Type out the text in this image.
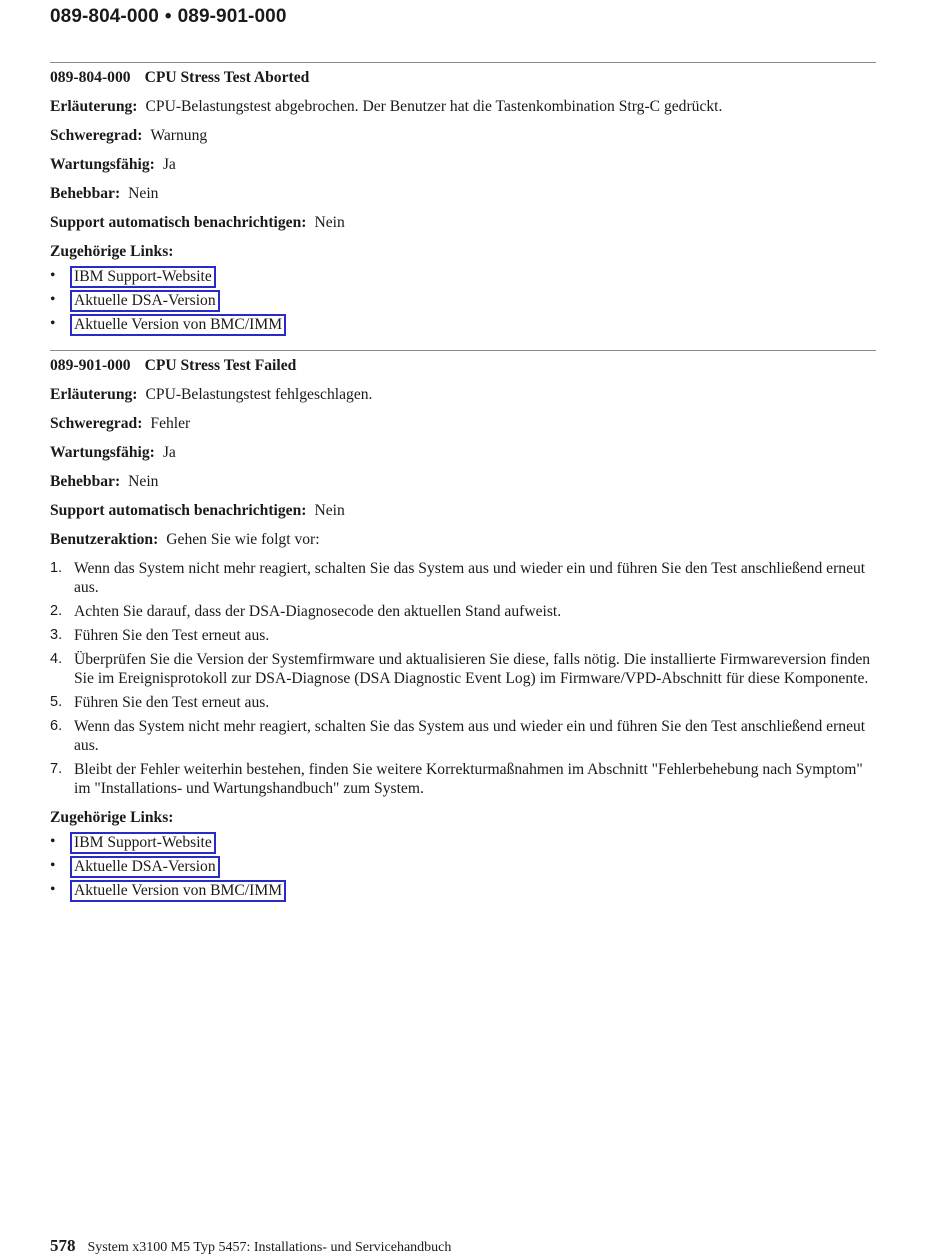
089-804-000 • 089-901-000

089-804-000 CPU Stress Test Aborted

Erläuterung: CPU-Belastungstest abgebrochen. Der Benutzer hat die Tastenkombination Strg-C gedrückt.

Schweregrad: Warnung

Wartungsfähig: Ja

Behebbar: Nein

Support automatisch benachrichtigen: Nein

Zugehörige Links:

• IBM Support-Website
• Aktuelle DSA-Version
• Aktuelle Version von BMC/IMM

089-901-000 CPU Stress Test Failed

Erläuterung: CPU-Belastungstest fehlgeschlagen.

Schweregrad: Fehler

Wartungsfähig: Ja

Behebbar: Nein

Support automatisch benachrichtigen: Nein

Benutzeraktion: Gehen Sie wie folgt vor:

1. Wenn das System nicht mehr reagiert, schalten Sie das System aus und wieder ein und führen Sie den Test anschließend erneut aus.
2. Achten Sie darauf, dass der DSA-Diagnosecode den aktuellen Stand aufweist.
3. Führen Sie den Test erneut aus.
4. Überprüfen Sie die Version der Systemfirmware und aktualisieren Sie diese, falls nötig. Die installierte Firmwareversion finden Sie im Ereignisprotokoll zur DSA-Diagnose (DSA Diagnostic Event Log) im Firmware/VPD-Abschnitt für diese Komponente.
5. Führen Sie den Test erneut aus.
6. Wenn das System nicht mehr reagiert, schalten Sie das System aus und wieder ein und führen Sie den Test anschließend erneut aus.
7. Bleibt der Fehler weiterhin bestehen, finden Sie weitere Korrekturmaßnahmen im Abschnitt "Fehlerbehebung nach Symptom" im "Installations- und Wartungshandbuch" zum System.

Zugehörige Links:

• IBM Support-Website
• Aktuelle DSA-Version
• Aktuelle Version von BMC/IMM
578 System x3100 M5 Typ 5457: Installations- und Servicehandbuch
